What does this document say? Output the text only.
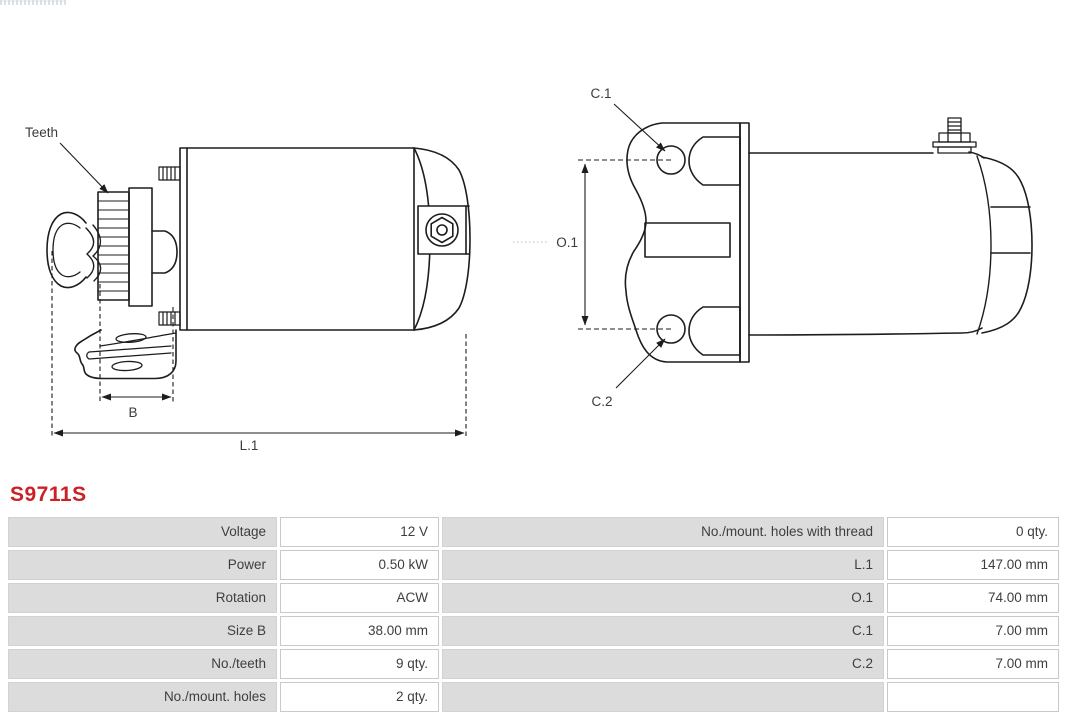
Teeth
B
L.1
C.1
O.1
C.2
S9711S
Voltage	12 V	No./mount. holes with thread	0 qty.
Power	0.50 kW	L.1	147.00 mm
Rotation	ACW	O.1	74.00 mm
Size B	38.00 mm	C.1	7.00 mm
No./teeth	9 qty.	C.2	7.00 mm
No./mount. holes	2 qty.
